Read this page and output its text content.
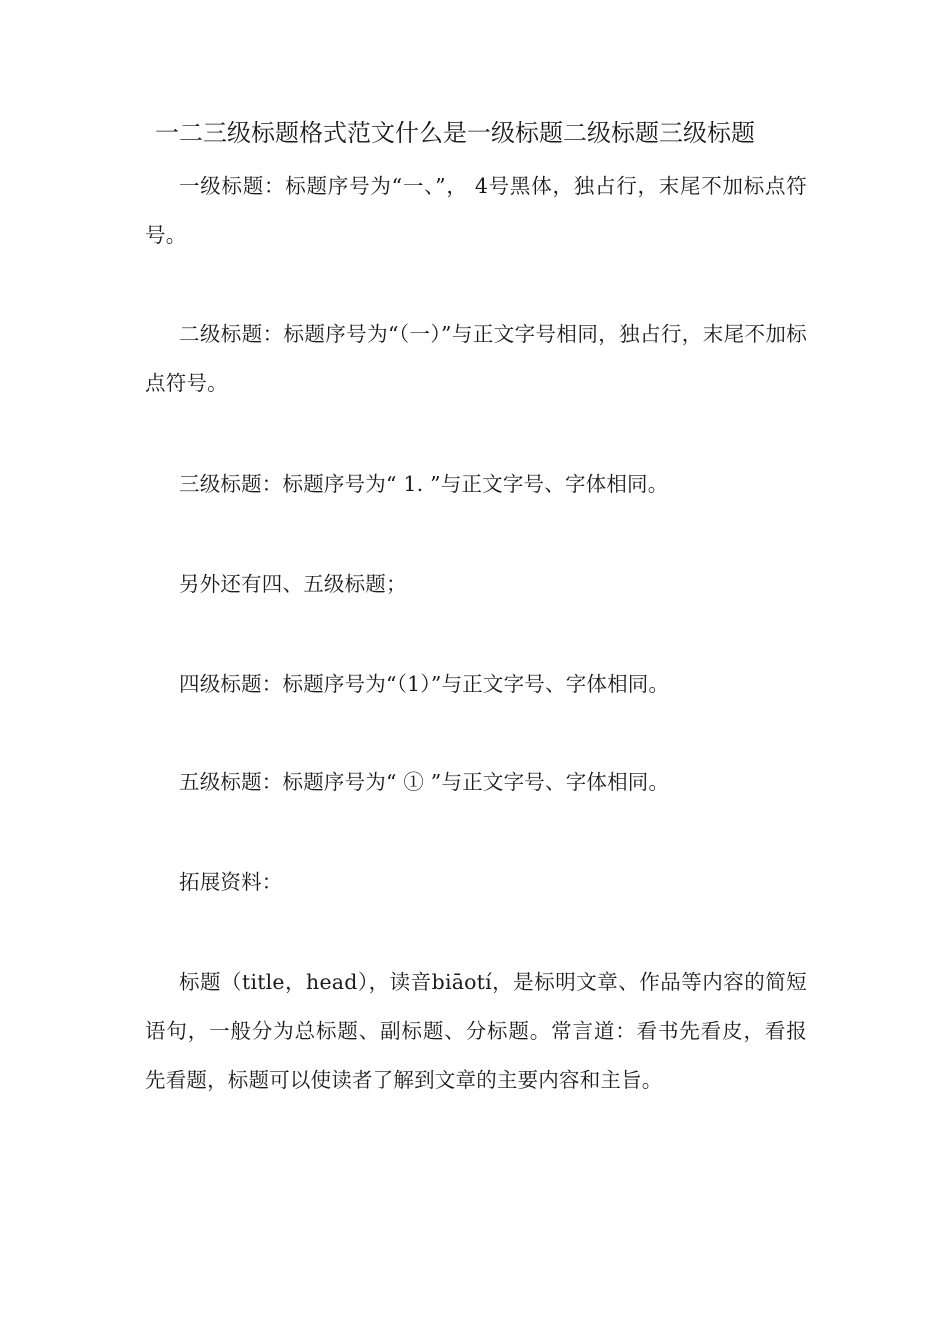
一二三级标题格式范文什么是一级标题二级标题三级标题

一级标题：标题序号为“一、”， 4号黑体，独占行，末尾不加标点符号。

二级标题：标题序号为“（一）”与正文字号相同，独占行，末尾不加标点符号。

三级标题：标题序号为“ 1. ”与正文字号、字体相同。

另外还有四、五级标题；

四级标题：标题序号为“（1）”与正文字号、字体相同。

五级标题：标题序号为“ ① ”与正文字号、字体相同。

拓展资料：

标题（title，head），读音biāotí，是标明文章、作品等内容的简短语句，一般分为总标题、副标题、分标题。常言道：看书先看皮，看报先看题，标题可以使读者了解到文章的主要内容和主旨。
